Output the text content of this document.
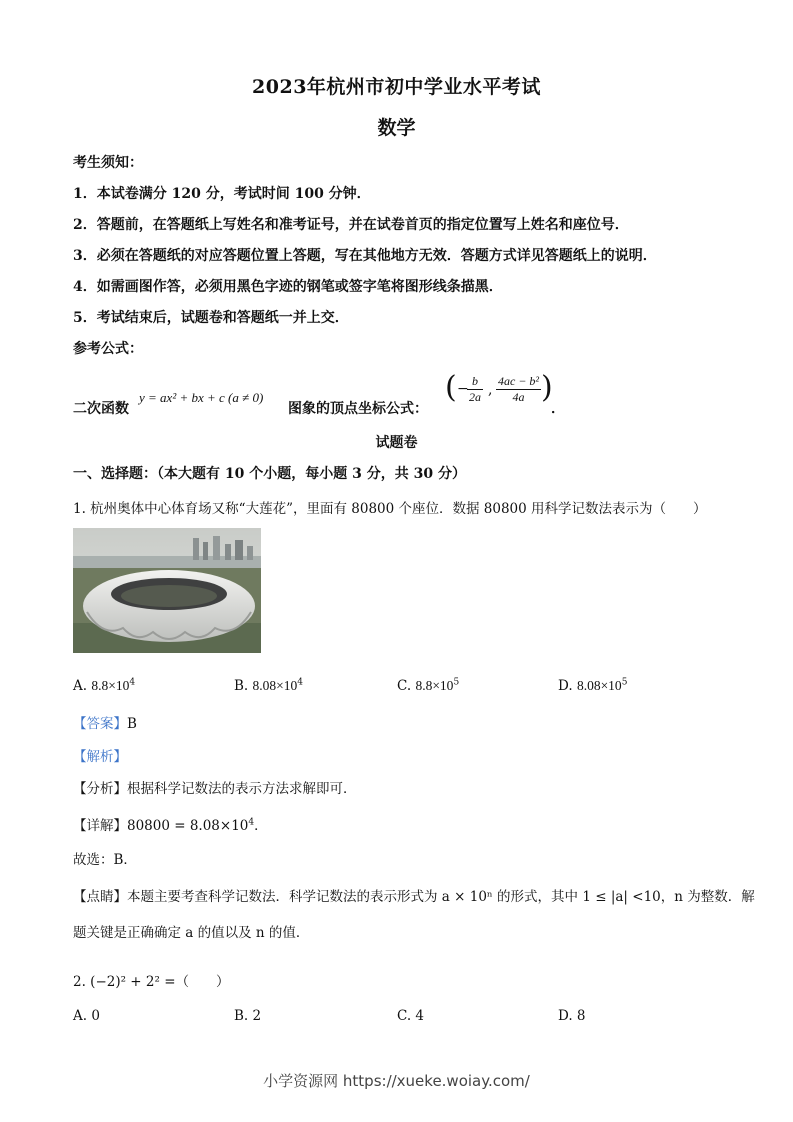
2023年杭州市初中学业水平考试
数学
考生须知：
1．本试卷满分 120 分，考试时间 100 分钟．
2．答题前，在答题纸上写姓名和准考证号，并在试卷首页的指定位置写上姓名和座位号．
3．必须在答题纸的对应答题位置上答题，写在其他地方无效．答题方式详见答题纸上的说明．
4．如需画图作答，必须用黑色字迹的钢笔或签字笔将图形线条描黑．
5．考试结束后，试题卷和答题纸一并上交．
参考公式：
二次函数
y = ax² + bx + c (a ≠ 0)
图象的顶点坐标公式：
( −
$\frac{b}{2a}$ , $\frac{\text{4ac − b²}}{4a}$ )
．
试题卷
一、选择题：（本大题有 10 个小题，每小题 3 分，共 30 分）
1. 杭州奥体中心体育场又称“大莲花”，里面有 80800 个座位．数据 80800 用科学记数法表示为（　　）
A. $8.8\times 10^4$	B. $8.08\times 10^4$	C. $8.8\times 10^5$	D. $8.08\times 10^5$
【答案】B
【解析】
【分析】根据科学记数法的表示方法求解即可．
【详解】$80800 = 8.08\times 10^4$．
故选：B．
【点睛】本题主要考查科学记数法．科学记数法的表示形式为 a × 10ⁿ 的形式，其中 1 ≤ |a| <10，n 为整数．解
题关键是正确确定 a 的值以及 n 的值．
2. (−2)² + 2² =（　　）
A. 0	B. 2	C. 4	D. 8
小学资源网 https://xueke.woiay.com/
